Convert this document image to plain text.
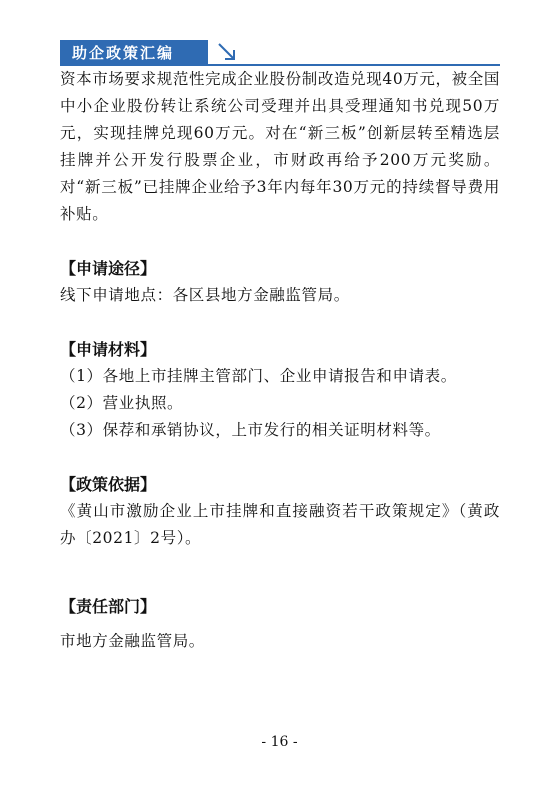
助企政策汇编

资本市场要求规范性完成企业股份制改造兑现40万元，被全国中小企业股份转让系统公司受理并出具受理通知书兑现50万元，实现挂牌兑现60万元。对在“新三板”创新层转至精选层挂牌并公开发行股票企业，市财政再给予200万元奖励。对“新三板”已挂牌企业给予3年内每年30万元的持续督导费用补贴。

【申请途径】

线下申请地点：各区县地方金融监管局。

【申请材料】

（1）各地上市挂牌主管部门、企业申请报告和申请表。

（2）营业执照。

（3）保荐和承销协议，上市发行的相关证明材料等。

【政策依据】

《黄山市激励企业上市挂牌和直接融资若干政策规定》（黄政办〔2021〕2号）。

【责任部门】

市地方金融监管局。

- 16 -
